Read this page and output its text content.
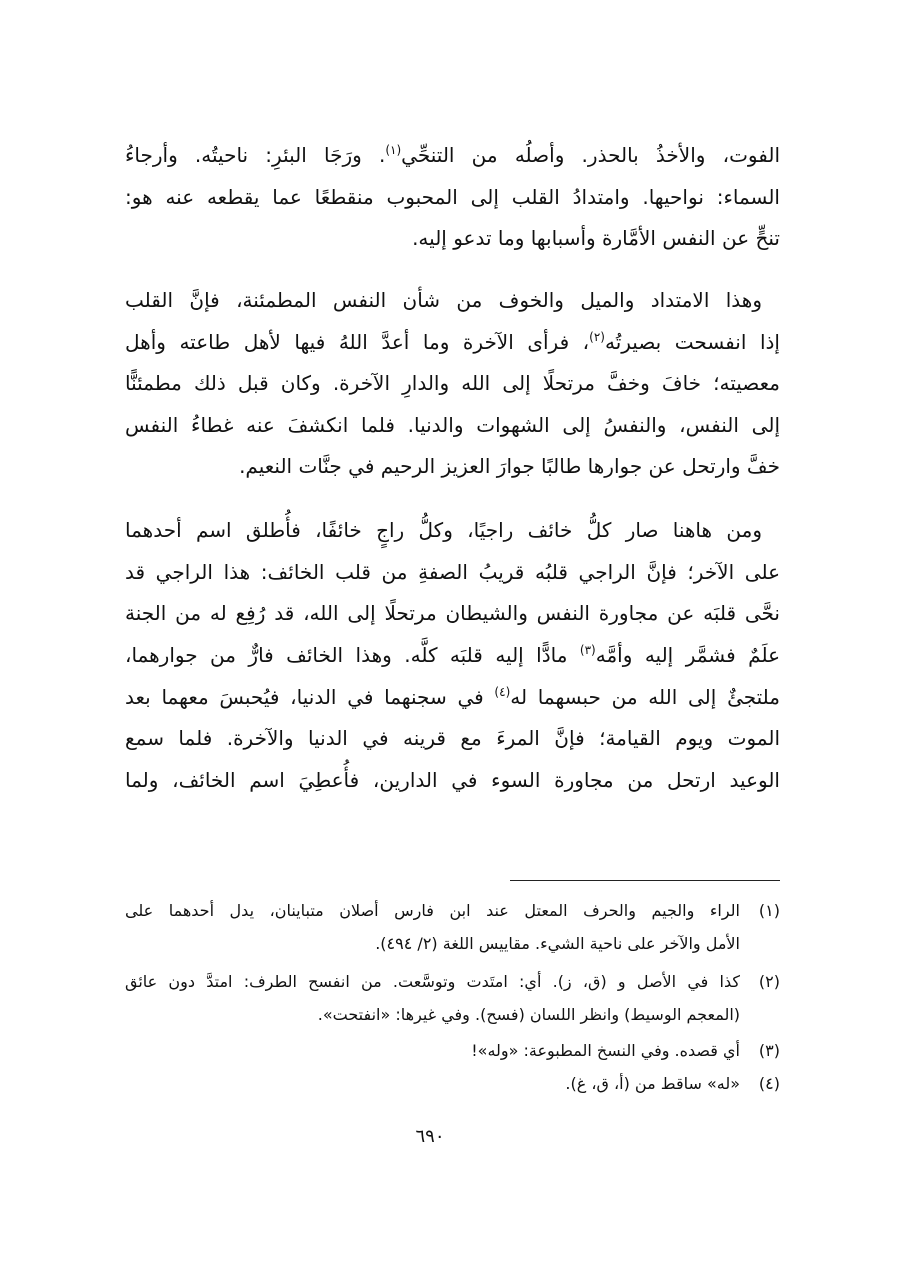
الفوت، والأخذُ بالحذر. وأصلُه من التنحِّي$^{(١)}$. ورَجَا البئرِ: ناحيتُه. وأرجاءُ
السماء: نواحيها. وامتدادُ القلب إلى المحبوب منقطعًا عما يقطعه عنه هو:
تنحٍّ عن النفس الأمَّارة وأسبابها وما تدعو إليه.
وهذا الامتداد والميل والخوف من شأن النفس المطمئنة، فإنَّ القلب
إذا انفسحت بصيرتُه$^{(٢)}$، فرأى الآخرة وما أعدَّ اللهُ فيها لأهل طاعته وأهل
معصيته؛ خافَ وخفَّ مرتحلًا إلى الله والدارِ الآخرة. وكان قبل ذلك مطمئنًّا
إلى النفس، والنفسُ إلى الشهوات والدنيا. فلما انكشفَ عنه غطاءُ النفس
خفَّ وارتحل عن جوارها طالبًا جوارَ العزيز الرحيم في جنَّات النعيم.
ومن هاهنا صار كلُّ خائف راجيًا، وكلُّ راجٍ خائفًا، فأُطلق اسم أحدهما
على الآخر؛ فإنَّ الراجي قلبُه قريبُ الصفةِ من قلب الخائف: هذا الراجي قد
نحَّى قلبَه عن مجاورة النفس والشيطان مرتحلًا إلى الله، قد رُفِع له من الجنة
علَمٌ فشمَّر إليه وأمَّه$^{(٣)}$ مادًّا إليه قلبَه كلَّه. وهذا الخائف فارٌّ من جوارهما،
ملتجئٌ إلى الله من حبسهما له$^{(٤)}$ في سجنهما في الدنيا، فيُحبسَ معهما بعد
الموت ويوم القيامة؛ فإنَّ المرءَ مع قرينه في الدنيا والآخرة. فلما سمع
الوعيد ارتحل من مجاورة السوء في الدارين، فأُعطِيَ اسم الخائف، ولما
(١)
الراء والجيم والحرف المعتل عند ابن فارس أصلان متباينان، يدل أحدهما على
الأمل والآخر على ناحية الشيء. مقاييس اللغة (٢/ ٤٩٤).
(٢)
كذا في الأصل و (ق، ز). أي: امتَدت وتوسَّعت. من انفسح الطرف: امتدَّ دون عائق
(المعجم الوسيط) وانظر اللسان (فسح). وفي غيرها: «انفتحت».
(٣)
أي قصده. وفي النسخ المطبوعة: «وله»!
(٤)
«له» ساقط من (أ، ق، غ).
٦٩٠
